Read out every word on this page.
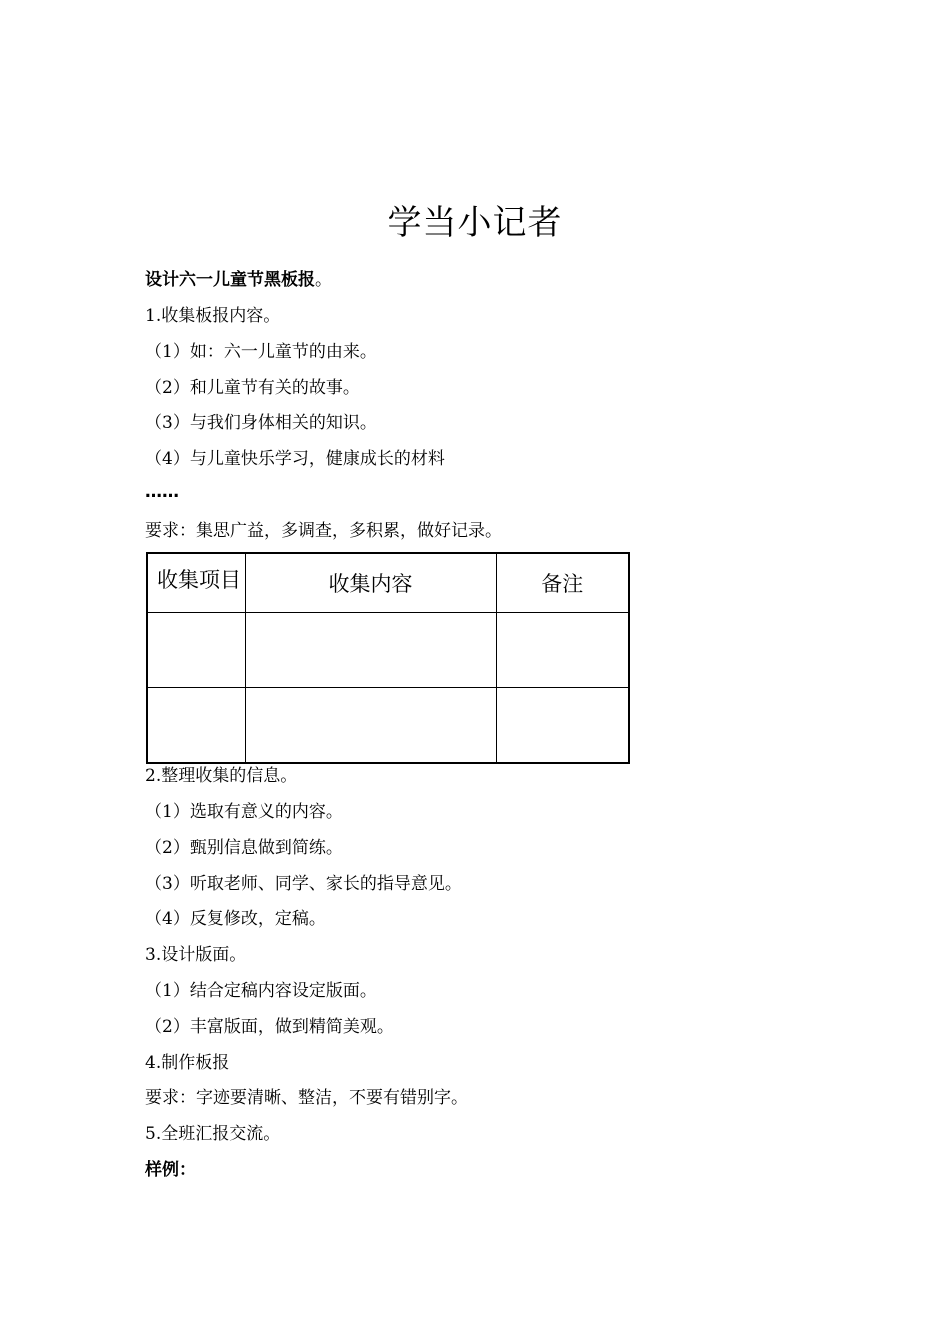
学当小记者
设计六一儿童节黑板报。
1.收集板报内容。
（1）如：六一儿童节的由来。
（2）和儿童节有关的故事。
（3）与我们身体相关的知识。
（4）与儿童快乐学习，健康成长的材料
……
要求：集思广益，多调查，多积累，做好记录。
收集项目	收集内容	备注

2.整理收集的信息。
（1）选取有意义的内容。
（2）甄别信息做到简练。
（3）听取老师、同学、家长的指导意见。
（4）反复修改，定稿。
3.设计版面。
（1）结合定稿内容设定版面。
（2）丰富版面，做到精简美观。
4.制作板报
要求：字迹要清晰、整洁，不要有错别字。
5.全班汇报交流。
样例：
